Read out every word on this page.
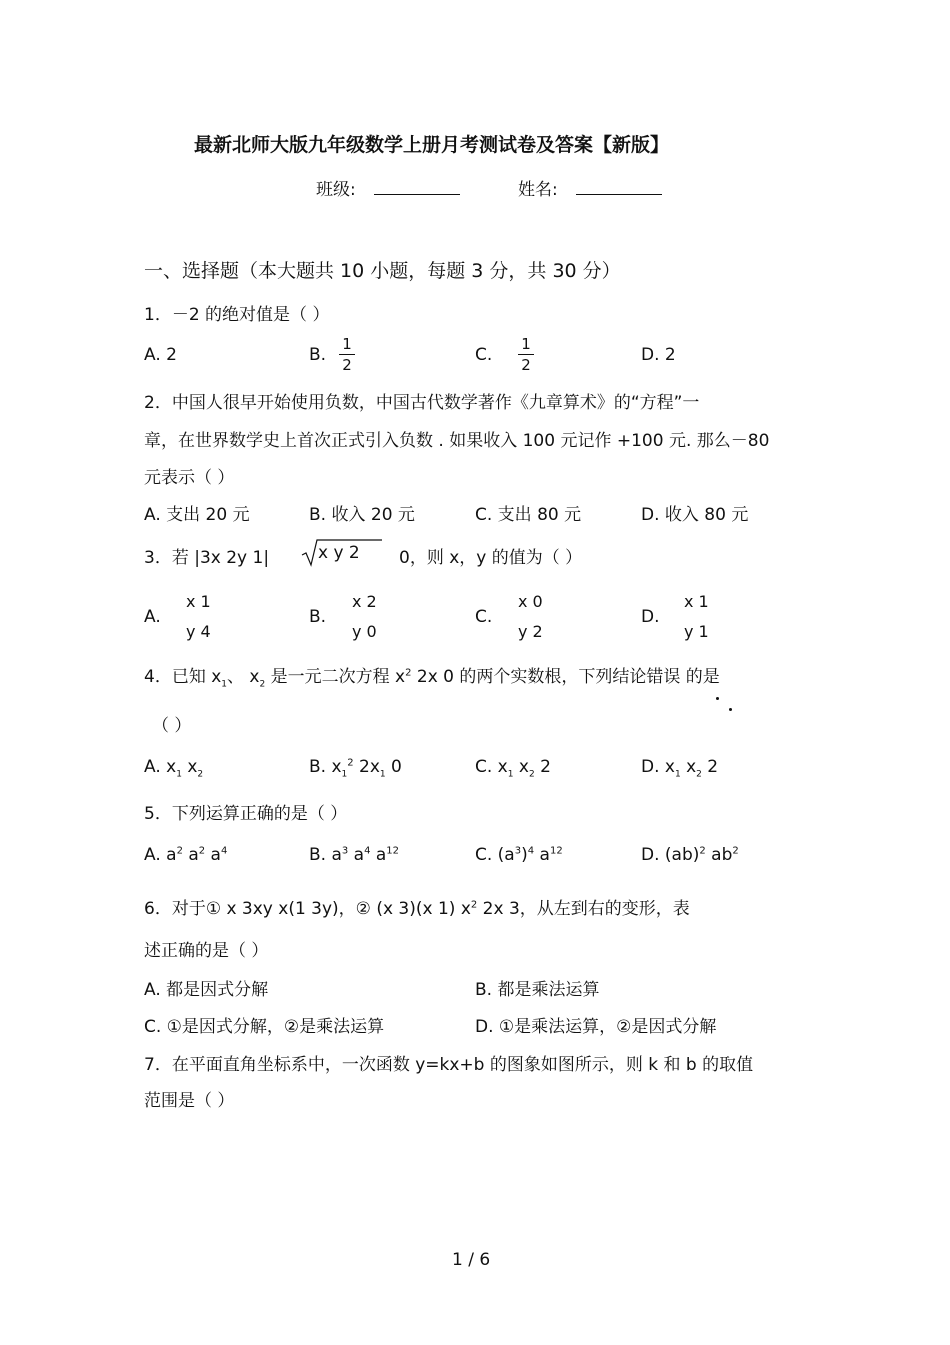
最新北师大版九年级数学上册月考测试卷及答案【新版】
班级:	姓名:
一、选择题（本大题共 10 小题，每题 3 分，共 30 分）
1．－2 的绝对值是（ ）
A. 2	B.
1
2	C.
1
2	D. 2
2．中国人很早开始使用负数，中国古代数学著作《九章算术》的“方程”一
章，在世界数学史上首次正式引入负数 . 如果收入 100 元记作 +100 元. 那么－80
元表示（ ）
A. 支出 20 元	B. 收入 20 元	C. 支出 80 元	D. 收入 80 元
3．若 |3x 2y 1|	x y 2 0，则 x，y 的值为（ ）
A.
x 1
y 4
B.
x 2
y 0
C.
x 0
y 2
D.
x 1
y 1
4．已知 $x_1$、 $x_2$ 是一元二次方程 $x^2$ 2x 0 的两个实数根，下列结论错误 的是
（ ）
A. $x_1$ $x_2$	B. $x_1^2$ $2x_1$ 0	C. $x_1$ $x_2$ 2	D. $x_1$ $x_2$ 2
5．下列运算正确的是（ ）
A. $a^2$ $a^2$ $a^4$	B. $a^3$ $a^4$ $a^{12}$	C. $(a^3)^4$ $a^{12}$	D. (ab)$^2$ $ab^2$
6．对于① x 3xy x(1 3y)，② (x 3)(x 1) $x^2$ 2x 3，从左到右的变形，表
述正确的是（ ）
A. 都是因式分解	B. 都是乘法运算
C. ①是因式分解，②是乘法运算	D. ①是乘法运算，②是因式分解
7．在平面直角坐标系中，一次函数 y=kx+b 的图象如图所示，则 k 和 b 的取值
范围是（ ）
1 / 6
